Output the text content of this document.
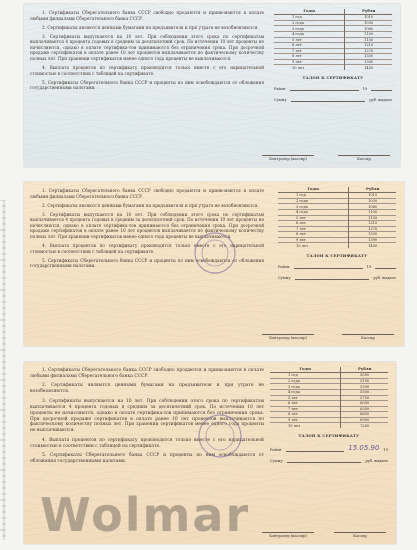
1. Сертификаты Сберегательного банка СССР свободно продаются и прини-маются в оплате любыми филиалами Сберегательного банка СССР.

2. Сертификаты являются ценными бумагами на предъявителя и при утрате не возобновляются.

3. Сертификаты выпускаются на 10 лет. При соблюдении этого срока по сертификатам выплачивается 4 процента годовых в средним за десятилетний срок. По истечении 10 лет проценты не начисляются, однако в оплате сертифика-тов принимаются без ограничения срока. При досрочной продаже сертификатов в оплате ранее 10 лет процентов выплачивается по фактическому количеству полных лет. При хранении сертификатов менее одного года проценты не выплачиваются.

4. Выплата процентов по сертификату производится только вместе с его нарицательной стоимостью в соответствии с таблицей на сертификате.

5. Сертификаты Сберегательного банка СССР и проценты по ним освобождаются от обложения государственными налогами.

Годы	Рубли
1 год	1010
2 года	1030
3 года	1060
4 года	1100
5 лет	1150
6 лет	1210
7 лет	1270
8 лет	1330
9 лет	1390
10 лет	1450
ТАЛОН К СЕРТИФИКАТУ
Район	19
Сумму	руб. выдано
Контролер (кассир)	Кассир

1. Сертификаты Сберегательного банка СССР свободно продаются и прини-маются в оплате любыми филиалами Сберегательного банка СССР.

2. Сертификаты являются ценными бумагами на предъявителя и при утрате не возобновляются.

3. Сертификаты выпускаются на 10 лет. При соблюдении этого срока по сертификатам выплачивается 4 процента годовых в средним за десятилетний срок. По истечении 10 лет проценты не начисляются, однако в оплате сертифика-тов принимаются без ограничения срока. При досрочной продаже сертификатов в оплате ранее 10 лет процентов выплачивается по фактическому количеству полных лет. При хранении сертификатов менее одного года проценты не выплачиваются.

4. Выплата процентов по сертификату производится только вместе с его нарицательной стоимостью в соответствии с таблицей на сертификате.

5. Сертификаты Сберегательного банка СССР и проценты по ним освобождаются от обложения государственными налогами.

Годы	Рубли
1 год	1010
2 года	1030
3 года	1060
4 года	1100
5 лет	1150
6 лет	1210
7 лет	1270
8 лет	1330
9 лет	1390
10 лет	1450
ТАЛОН К СЕРТИФИКАТУ
Район	19
Сумму	руб. выдано
Контролер (кассир)	Кассир

1. Сертификаты Сберегательного банка СССР свободно продаются и прини-маются в оплате любыми филиалами Сберегательного банка СССР.

2. Сертификаты являются ценными бумагами на предъявителя и при утрате не возобновляются.

3. Сертификаты выпускаются на 10 лет. При соблюдении этого срока по сертификатам выплачивается 4 процента годовых в средним за десятилетний срок. По истечении 10 лет проценты не начисляются, однако в оплате сертифика-тов принимаются без ограничения срока. При досрочной продаже сертификатов в оплате ранее 10 лет процентов выплачивается по фактическому количеству полных лет. При хранении сертификатов менее одного года проценты не выплачиваются.

4. Выплата процентов по сертификату производится только вместе с его нарицательной стоимостью в соответствии с таблицей на сертификате.

5. Сертификаты Сберегательного банка СССР и проценты по ним освобождаются от обложения государственными налогами.

Годы	Рубли
1 год	5050
2 года	5150
3 года	5300
4 года	5500
5 лет	5750
6 лет	6050
7 лет	6350
8 лет	6650
9 лет	6950
10 лет	7250
ТАЛОН К СЕРТИФИКАТУ
Район	15.05.90 19
Сумму	руб. выдано
Контролер (кассир)	Кассир
Wolmar
